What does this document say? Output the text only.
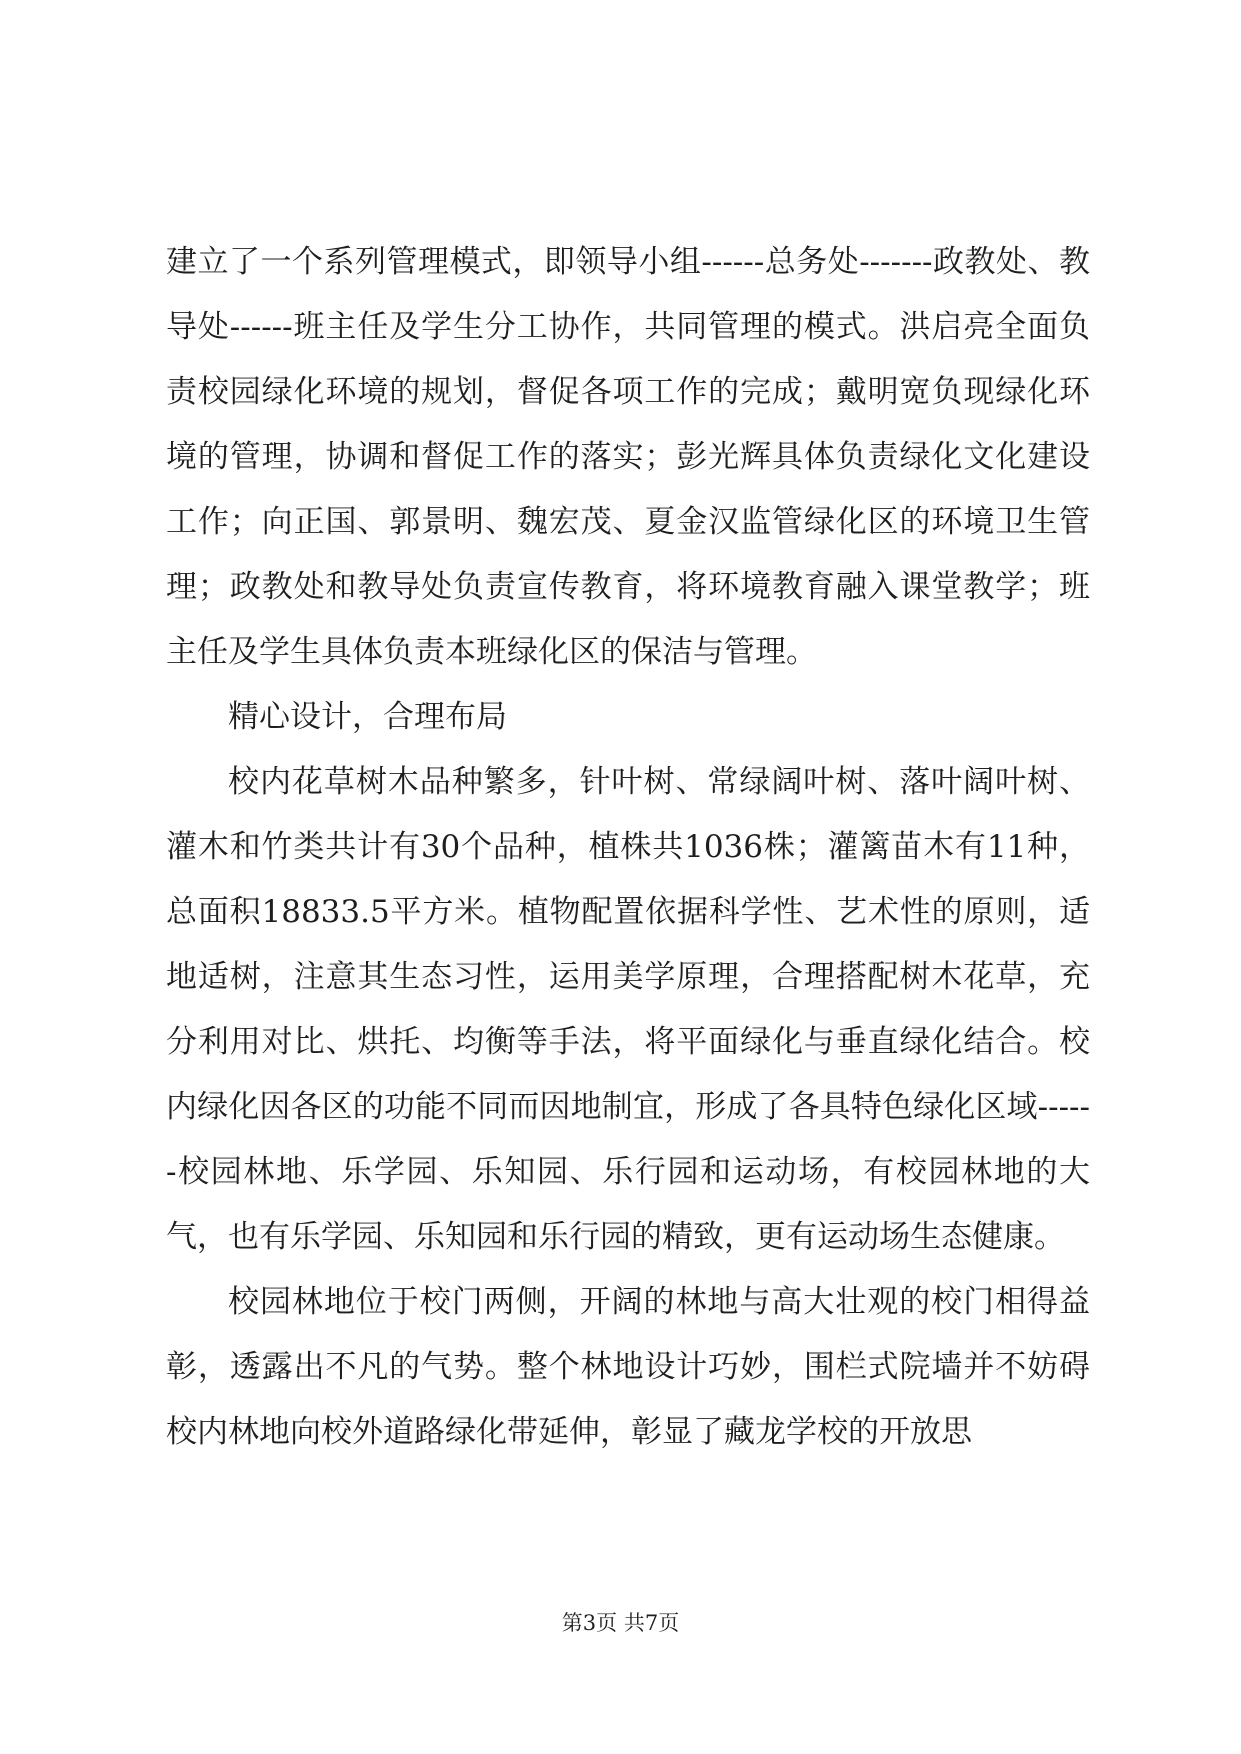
建立了一个系列管理模式，即领导小组------总务处-------政教处、教导处------班主任及学生分工协作，共同管理的模式。洪启亮全面负责校园绿化环境的规划，督促各项工作的完成；戴明宽负现绿化环境的管理，协调和督促工作的落实；彭光辉具体负责绿化文化建设工作；向正国、郭景明、魏宏茂、夏金汉监管绿化区的环境卫生管理；政教处和教导处负责宣传教育，将环境教育融入课堂教学；班主任及学生具体负责本班绿化区的保洁与管理。

精心设计，合理布局

校内花草树木品种繁多，针叶树、常绿阔叶树、落叶阔叶树、灌木和竹类共计有30个品种，植株共1036株；灌篱苗木有11种，总面积18833.5平方米。植物配置依据科学性、艺术性的原则，适地适树，注意其生态习性，运用美学原理，合理搭配树木花草，充分利用对比、烘托、均衡等手法，将平面绿化与垂直绿化结合。校内绿化因各区的功能不同而因地制宜，形成了各具特色绿化区域------校园林地、乐学园、乐知园、乐行园和运动场，有校园林地的大气，也有乐学园、乐知园和乐行园的精致，更有运动场生态健康。

校园林地位于校门两侧，开阔的林地与高大壮观的校门相得益彰，透露出不凡的气势。整个林地设计巧妙，围栏式院墙并不妨碍校内林地向校外道路绿化带延伸，彰显了藏龙学校的开放思

第3页 共7页
